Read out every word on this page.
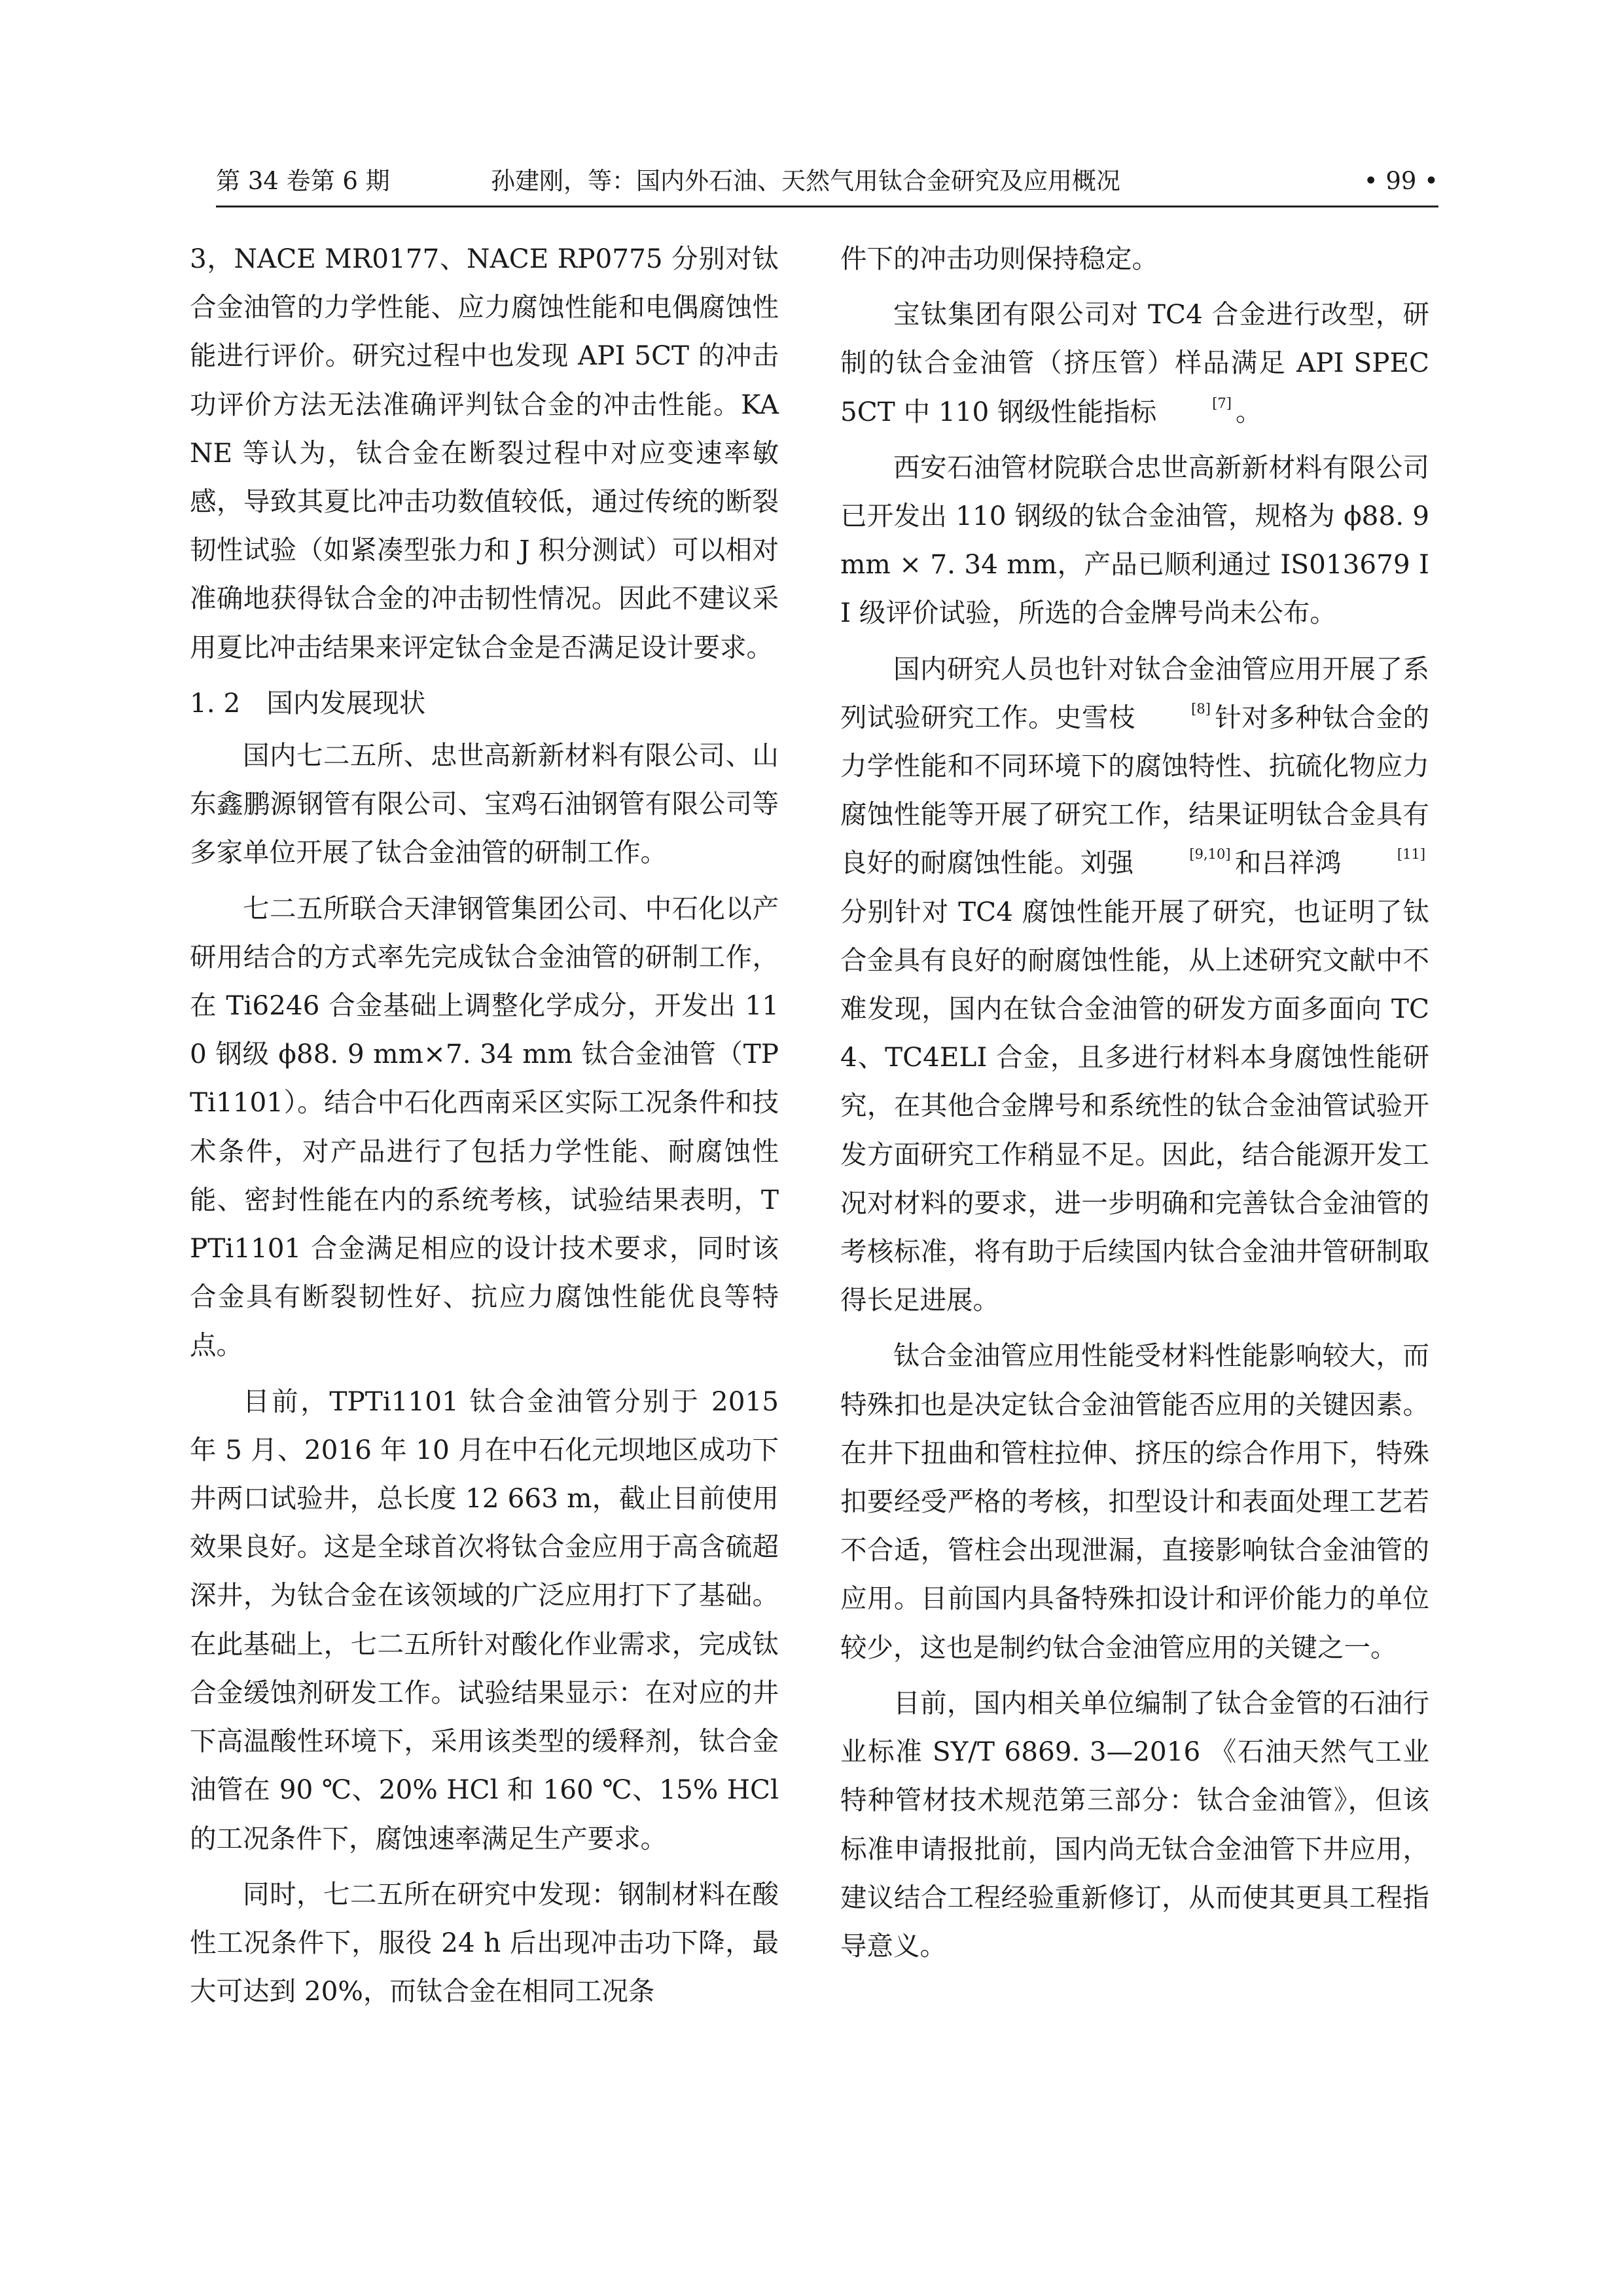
第 34 卷第 6 期	孙建刚，等：国内外石油、天然气用钛合金研究及应用概况	• 99 •

3，NACE MR0177、NACE RP0775 分别对钛合金油管的力学性能、应力腐蚀性能和电偶腐蚀性能进行评价。研究过程中也发现 API 5CT 的冲击功评价方法无法准确评判钛合金的冲击性能。KANE 等认为，钛合金在断裂过程中对应变速率敏感，导致其夏比冲击功数值较低，通过传统的断裂韧性试验（如紧凑型张力和 J 积分测试）可以相对准确地获得钛合金的冲击韧性情况。因此不建议采用夏比冲击结果来评定钛合金是否满足设计要求。

1. 2 国内发展现状

国内七二五所、忠世高新新材料有限公司、山东鑫鹏源钢管有限公司、宝鸡石油钢管有限公司等多家单位开展了钛合金油管的研制工作。

七二五所联合天津钢管集团公司、中石化以产研用结合的方式率先完成钛合金油管的研制工作，在 Ti6246 合金基础上调整化学成分，开发出 110 钢级 ϕ88. 9 mm×7. 34 mm 钛合金油管（TPTi1101）。结合中石化西南采区实际工况条件和技术条件，对产品进行了包括力学性能、耐腐蚀性能、密封性能在内的系统考核，试验结果表明，TPTi1101 合金满足相应的设计技术要求，同时该合金具有断裂韧性好、抗应力腐蚀性能优良等特点。

目前，TPTi1101 钛合金油管分别于 2015 年 5 月、2016 年 10 月在中石化元坝地区成功下井两口试验井，总长度 12 663 m，截止目前使用效果良好。这是全球首次将钛合金应用于高含硫超深井，为钛合金在该领域的广泛应用打下了基础。在此基础上，七二五所针对酸化作业需求，完成钛合金缓蚀剂研发工作。试验结果显示：在对应的井下高温酸性环境下，采用该类型的缓释剂，钛合金油管在 90 ℃、20% HCl 和 160 ℃、15% HCl 的工况条件下，腐蚀速率满足生产要求。

同时，七二五所在研究中发现：钢制材料在酸性工况条件下，服役 24 h 后出现冲击功下降，最大可达到 20%，而钛合金在相同工况条

件下的冲击功则保持稳定。

宝钛集团有限公司对 TC4 合金进行改型，研制的钛合金油管（挤压管）样品满足 API SPEC 5CT 中 110 钢级性能指标	[7] 。

西安石油管材院联合忠世高新新材料有限公司已开发出 110 钢级的钛合金油管，规格为 ϕ88. 9 mm × 7. 34 mm，产品已顺利通过 IS013679 II 级评价试验，所选的合金牌号尚未公布。

国内研究人员也针对钛合金油管应用开展了系列试验研究工作。史雪枝	[8] 针对多种钛合金的力学性能和不同环境下的腐蚀特性、抗硫化物应力腐蚀性能等开展了研究工作，结果证明钛合金具有良好的耐腐蚀性能。刘强	[9,10] 和吕祥鸿	[11]分别针对 TC4 腐蚀性能开展了研究，也证明了钛合金具有良好的耐腐蚀性能，从上述研究文献中不难发现，国内在钛合金油管的研发方面多面向 TC4、TC4ELI 合金，且多进行材料本身腐蚀性能研究，在其他合金牌号和系统性的钛合金油管试验开发方面研究工作稍显不足。因此，结合能源开发工况对材料的要求，进一步明确和完善钛合金油管的考核标准，将有助于后续国内钛合金油井管研制取得长足进展。

钛合金油管应用性能受材料性能影响较大，而特殊扣也是决定钛合金油管能否应用的关键因素。在井下扭曲和管柱拉伸、挤压的综合作用下，特殊扣要经受严格的考核，扣型设计和表面处理工艺若不合适，管柱会出现泄漏，直接影响钛合金油管的应用。目前国内具备特殊扣设计和评价能力的单位较少，这也是制约钛合金油管应用的关键之一。

目前，国内相关单位编制了钛合金管的石油行业标准 SY/T 6869. 3—2016 《石油天然气工业特种管材技术规范第三部分：钛合金油管》，但该标准申请报批前，国内尚无钛合金油管下井应用，建议结合工程经验重新修订，从而使其更具工程指导意义。
